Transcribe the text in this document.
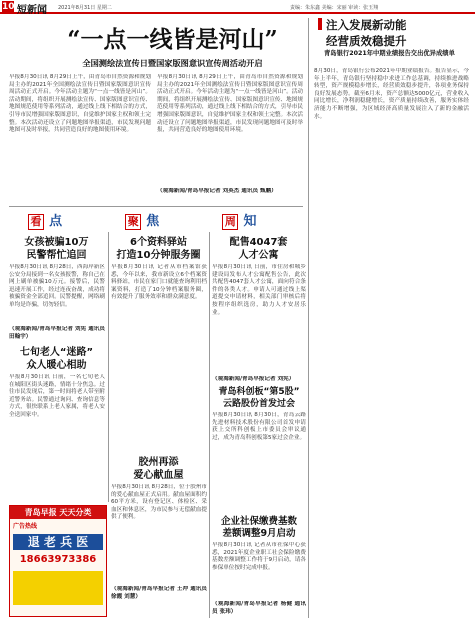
10 短新闻 2021年8月31日 星期二	责编：朱东鑫 美编：宋丽 审读：张玉翔
“一点一线皆是河山”
全国测绘法宣传日暨国家版图意识宣传周活动开启
早报8月30日讯 8月29日上午，由青岛市自然资源和规划局主办的2021年全国测绘法宣传日暨国家版图意识宣传周活动正式开启。今年活动主题为“一点一线皆是河山”。活动期间，将组织开展测绘法宣传、国家版图意识宣传、地图规范使用等系列活动，通过线上线下相结合的方式，引导市民增强国家版图意识，自觉维护国家主权和领土完整。本次活动还设立了问题地图举报渠道，市民发现问题地图可及时举报，共同营造良好的地图使用环境。
早报8月30日讯 8月29日上午，由青岛市自然资源和规划局主办的2021年全国测绘法宣传日暨国家版图意识宣传周活动正式开启。今年活动主题为“一点一线皆是河山”。活动期间，将组织开展测绘法宣传、国家版图意识宣传、地图规范使用等系列活动，通过线上线下相结合的方式，引导市民增强国家版图意识，自觉维护国家主权和领土完整。本次活动还设立了问题地图举报渠道，市民发现问题地图可及时举报，共同营造良好的地图使用环境。
（观海新闻/青岛早报记者 刘英杰 通讯员 甄鹏）
注入发展新动能
经营质效稳提升
青岛银行2021年中期业绩报告交出优异成绩单
8月30日，青岛银行公布2021年中期业绩报告。报告显示，今年上半年，青岛银行坚持稳中求进工作总基调，持续推进战略转型，资产规模稳步增长，经营质效稳步提升，各项业务保持良好发展态势。截至6月末，资产总额达5000亿元，营业收入同比增长，净利润稳健增长，资产质量持续改善，服务实体经济能力不断增强，为区域经济高质量发展注入了新的金融活水。
看 点	聚 焦	周 知
女孩被骗10万
民警帮忙追回
早报8月30日讯 8月28日，西海岸新区公安分局接到一名女孩报警，称自己在网上刷单被骗10万元。接警后，民警迅速开展工作，经过连夜奋战，成功将被骗资金全部追回。民警提醒，网络刷单均是诈骗，切勿轻信。
（观海新闻/青岛早报记者 刘宪 通讯员 田翰宇）
七旬老人“迷路”
众人暖心相助
早报8月30日讯 日前，一名七旬老人在城阳区街头迷路，情绪十分焦急。过往市民发现后，第一时间将老人带至附近警务站。民警通过询问、查询信息等方式，很快联系上老人家属，将老人安全送回家中。
6个资料驿站
打造10分钟服务圈
早报8月30日讯 记者从市档案馆获悉，今年以来，我市新设立6个档案资料驿站，市民在家门口就能查询利用档案资料，打造了10分钟档案服务圈，有效提升了服务效率和群众满意度。
胶州再添
爱心献血屋
早报8月30日讯 8月28日，位于胶州市的爱心献血屋正式启用。献血屋面积约60平方米，设有登记区、体检区、采血区和休息区，为市民参与无偿献血提供了便利。
（观海新闻/青岛早报记者 王冲 通讯员 徐霞 刘慧）
配售4047套
人才公寓
早报8月30日讯 日前，市住房和城乡建设局发布人才公寓配售公告，此次共配售4047套人才公寓，面向符合条件的各类人才。申请人可通过线上渠道提交申请材料，相关部门审核后将按程序组织选房，助力人才安居乐业。
（观海新闻/青岛早报记者 刘宪）
青岛科创板“第5股”
云路股份首发过会
早报8月30日讯 8月30日，青岛云路先进材料技术股份有限公司首发申请获上交所科创板上市委员会审议通过，成为青岛科创板第5家过会企业。
企业社保缴费基数
差额调整9月启动
早报8月30日讯 记者从市社保中心获悉，2021年度企业职工社会保险缴费基数差额调整工作将于9月启动，请各参保单位按时完成申报。
（观海新闻/青岛早报记者 杨健 通讯员 张玮）
青岛早报 天天分类
广告热线
退 老 兵 医
18663973386
